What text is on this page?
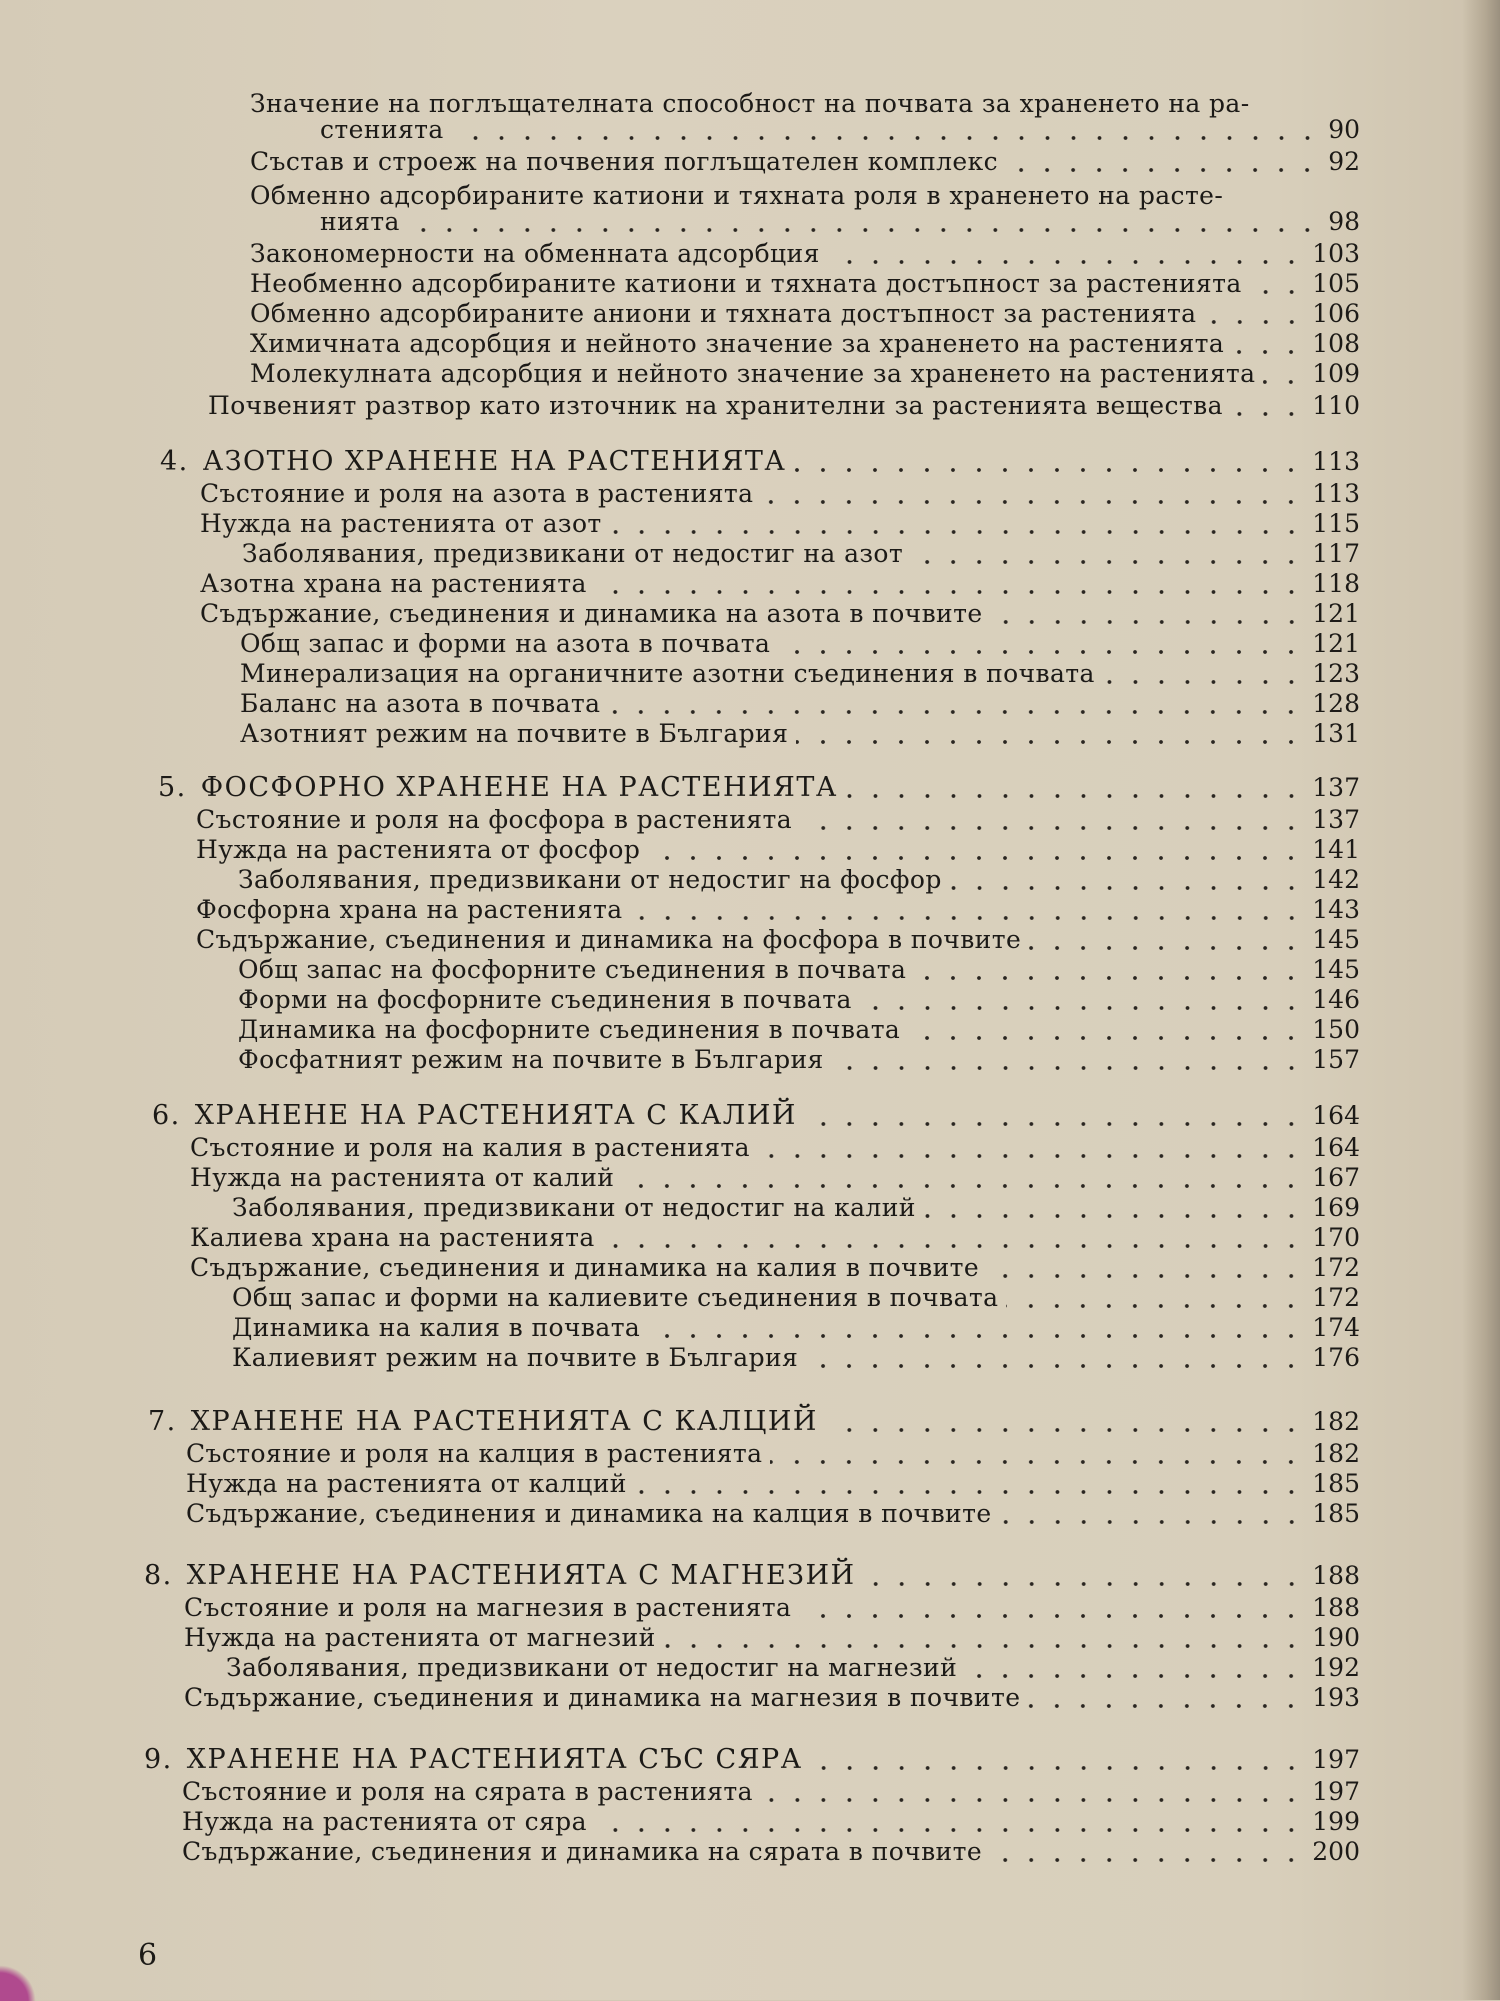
Значение на поглъщателната способност на почвата за храненето на ра-
стенията	90
Състав и строеж на почвения поглъщателен комплекс	92
Обменно адсорбираните катиони и тяхната роля в храненето на расте-
нията	98
Закономерности на обменната адсорбция	103
Необменно адсорбираните катиони и тяхната достъпност за растенията	105
Обменно адсорбираните аниони и тяхната достъпност за растенията	106
Химичната адсорбция и нейното значение за храненето на растенията	108
Молекулната адсорбция и нейното значение за храненето на растенията 109
Почвеният разтвор като източник на хранителни за растенията вещества	110
4. АЗОТНО ХРАНЕНЕ НА РАСТЕНИЯТА	113
Състояние и роля на азота в растенията	113
Нужда на растенията от азот	115
Заболявания, предизвикани от недостиг на азот	117
Азотна храна на растенията	118
Съдържание, съединения и динамика на азота в почвите	121
Общ запас и форми на азота в почвата	121
Минерализация на органичните азотни съединения в почвата	123
Баланс на азота в почвата	128
Азотният режим на почвите в България	131
5. ФОСФОРНО ХРАНЕНЕ НА РАСТЕНИЯТА	137
Състояние и роля на фосфора в растенията	137
Нужда на растенията от фосфор	141
Заболявания, предизвикани от недостиг на фосфор	142
Фосфорна храна на растенията	143
Съдържание, съединения и динамика на фосфора в почвите	145
Общ запас на фосфорните съединения в почвата	145
Форми на фосфорните съединения в почвата	146
Динамика на фосфорните съединения в почвата	150
Фосфатният режим на почвите в България	157
6. ХРАНЕНЕ НА РАСТЕНИЯТА С КАЛИЙ	164
Състояние и роля на калия в растенията	164
Нужда на растенията от калий	167
Заболявания, предизвикани от недостиг на калий	169
Калиева храна на растенията	170
Съдържание, съединения и динамика на калия в почвите	172
Общ запас и форми на калиевите съединения в почвата	172
Динамика на калия в почвата	174
Калиевият режим на почвите в България	176
7. ХРАНЕНЕ НА РАСТЕНИЯТА С КАЛЦИЙ	182
Състояние и роля на калция в растенията	182
Нужда на растенията от калций	185
Съдържание, съединения и динамика на калция в почвите	185
8. ХРАНЕНЕ НА РАСТЕНИЯТА С МАГНЕЗИЙ	188
Състояние и роля на магнезия в растенията	188
Нужда на растенията от магнезий	190
Заболявания, предизвикани от недостиг на магнезий	192
Съдържание, съединения и динамика на магнезия в почвите	193
9. ХРАНЕНЕ НА РАСТЕНИЯТА СЪС СЯРА	197
Състояние и роля на сярата в растенията	197
Нужда на растенията от сяра	199
Съдържание, съединения и динамика на сярата в почвите	200
6
